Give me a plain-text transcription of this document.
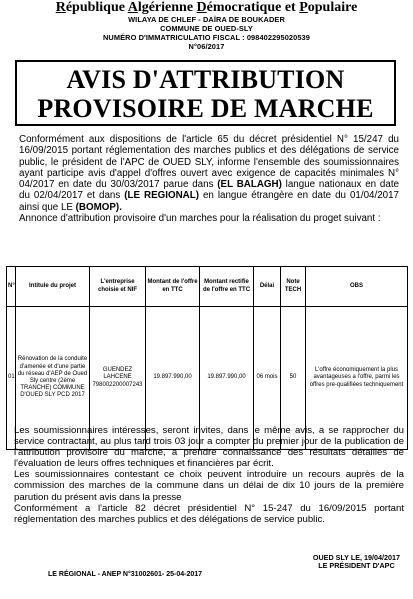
République Algérienne Démocratique et Populaire
WILAYA DE CHLEF - DAÏRA DE BOUKADER
COMMUNE DE OUED-SLY
NUMÉRO D'IMMATRICULATIO FISCAL : 098402295020539
N°06/2017
AVIS D'ATTRIBUTION
PROVISOIRE DE MARCHE

Conformément aux dispositions de l'article 65 du décret présidentiel N° 15/247 du 16/09/2015 portant réglementation des marches publics et des délégations de service public, le président de l'APC de OUED SLY, informe l'ensemble des soumissionnaires ayant participe avis d'appel d'offres ouvert avec exigence de capacités minimales N° 04/2017 en date du 30/03/2017 parue dans (EL BALAGH) langue nationaux en date du 02/04/2017 et dans (LE REGIONAL) en langue étrangère en date du 01/04/2017 ainsi que LE (BOMOP).

Annonce d'attribution provisoire d'un marches pour la réalisation du proget suivant :

N°	Intitule du projet	L'entreprise choisie et NIF	Montant de l'offre en TTC	Montant rectifie de l'offre en TTC	Délai	Note TECH	OBS
01	Rénovation de la conduite d'amenée et d'une partie du réseau d'AEP de Oued Sly centre (2ème TRANCHE) COMMUNE D'OUED SLY PCD 2017	GUENDEZ LAHCENE 798002200007243	19.897.990,00	19.897.990,00	06 mois	50	L'offre économiquement la plus avantageuses a l'offre, parmi les offres pre-qualifiées techniquement

Les soumissionnaires intéresses, seront invites, dans le même avis, a se rapprocher du service contractant, au plus tard trois 03 jour a compter du premier jour de la publication de l'attribution provisoire du marche, a prendre connaissance des résultats détailles de l'évaluation de leurs offres techniques et financières par écrit.

Les soumissionnaires contestant ce choix peuvent introduire un recours auprès de la commission des marches de la commune dans un délai de dix 10 jours de la première parution du présent avis dans la presse

Conformément a l'article 82 décret présidentiel N° 15-247 du 16/09/2015 portant réglementation des marches publics et des délégations de service public.

OUED SLY LE, 19/04/2017
LE PRÉSIDENT D'APC
LE RÉGIONAL - ANEP N°31002601- 25-04-2017
